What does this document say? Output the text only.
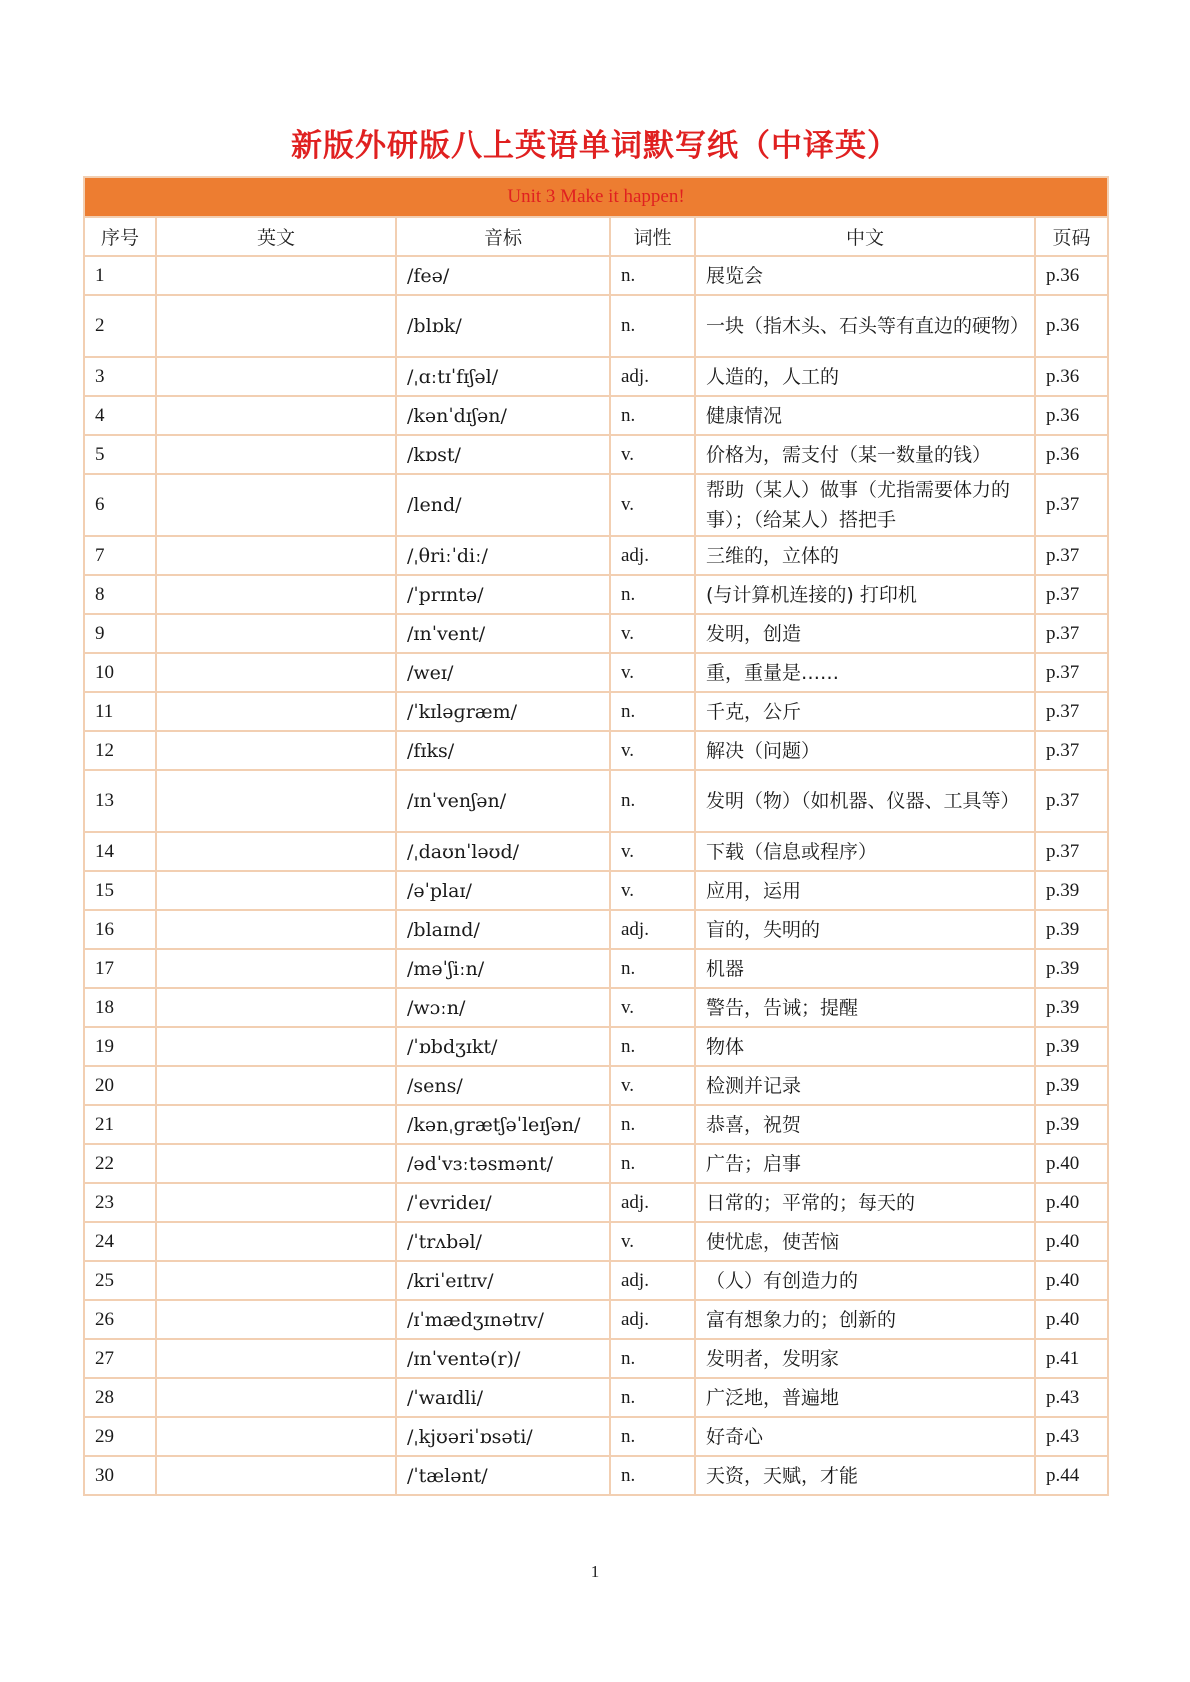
新版外研版八上英语单词默写纸（中译英）
Unit 3 Make it happen!					
序号	英文	音标	词性	中文	页码
1		/feə/	n.	展览会	p.36
2		/blɒk/	n.	一块（指木头、石头等有直边的硬物）	p.36
3		/ˌɑːtɪˈfɪʃəl/	adj.	人造的，人工的	p.36
4		/kənˈdɪʃən/	n.	健康情况	p.36
5		/kɒst/	v.	价格为，需支付（某一数量的钱）	p.36
6		/lend/	v.	帮助（某人）做事（尤指需要体力的事）；（给某人）搭把手	p.37
7		/ˌθriːˈdiː/	adj.	三维的，立体的	p.37
8		/ˈprɪntə/	n.	(与计算机连接的) 打印机	p.37
9		/ɪnˈvent/	v.	发明，创造	p.37
10		/weɪ/	v.	重，重量是……	p.37
11		/ˈkɪləɡræm/	n.	千克，公斤	p.37
12		/fɪks/	v.	解决（问题）	p.37
13		/ɪnˈvenʃən/	n.	发明（物）（如机器、仪器、工具等）	p.37
14		/ˌdaʊnˈləʊd/	v.	下载（信息或程序）	p.37
15		/əˈplaɪ/	v.	应用，运用	p.39
16		/blaɪnd/	adj.	盲的，失明的	p.39
17		/məˈʃiːn/	n.	机器	p.39
18		/wɔːn/	v.	警告，告诫；提醒	p.39
19		/ˈɒbdʒɪkt/	n.	物体	p.39
20		/sens/	v.	检测并记录	p.39
21		/kənˌɡrætʃəˈleɪʃən/	n.	恭喜，祝贺	p.39
22		/ədˈvɜːtəsmənt/	n.	广告；启事	p.40
23		/ˈevrideɪ/	adj.	日常的；平常的；每天的	p.40
24		/ˈtrʌbəl/	v.	使忧虑，使苦恼	p.40
25		/kriˈeɪtɪv/	adj.	（人）有创造力的	p.40
26		/ɪˈmædʒɪnətɪv/	adj.	富有想象力的；创新的	p.40
27		/ɪnˈventə(r)/	n.	发明者，发明家	p.41
28		/ˈwaɪdli/	n.	广泛地，普遍地	p.43
29		/ˌkjʊəriˈɒsəti/	n.	好奇心	p.43
30		/ˈtælənt/	n.	天资，天赋，才能	p.44
1
